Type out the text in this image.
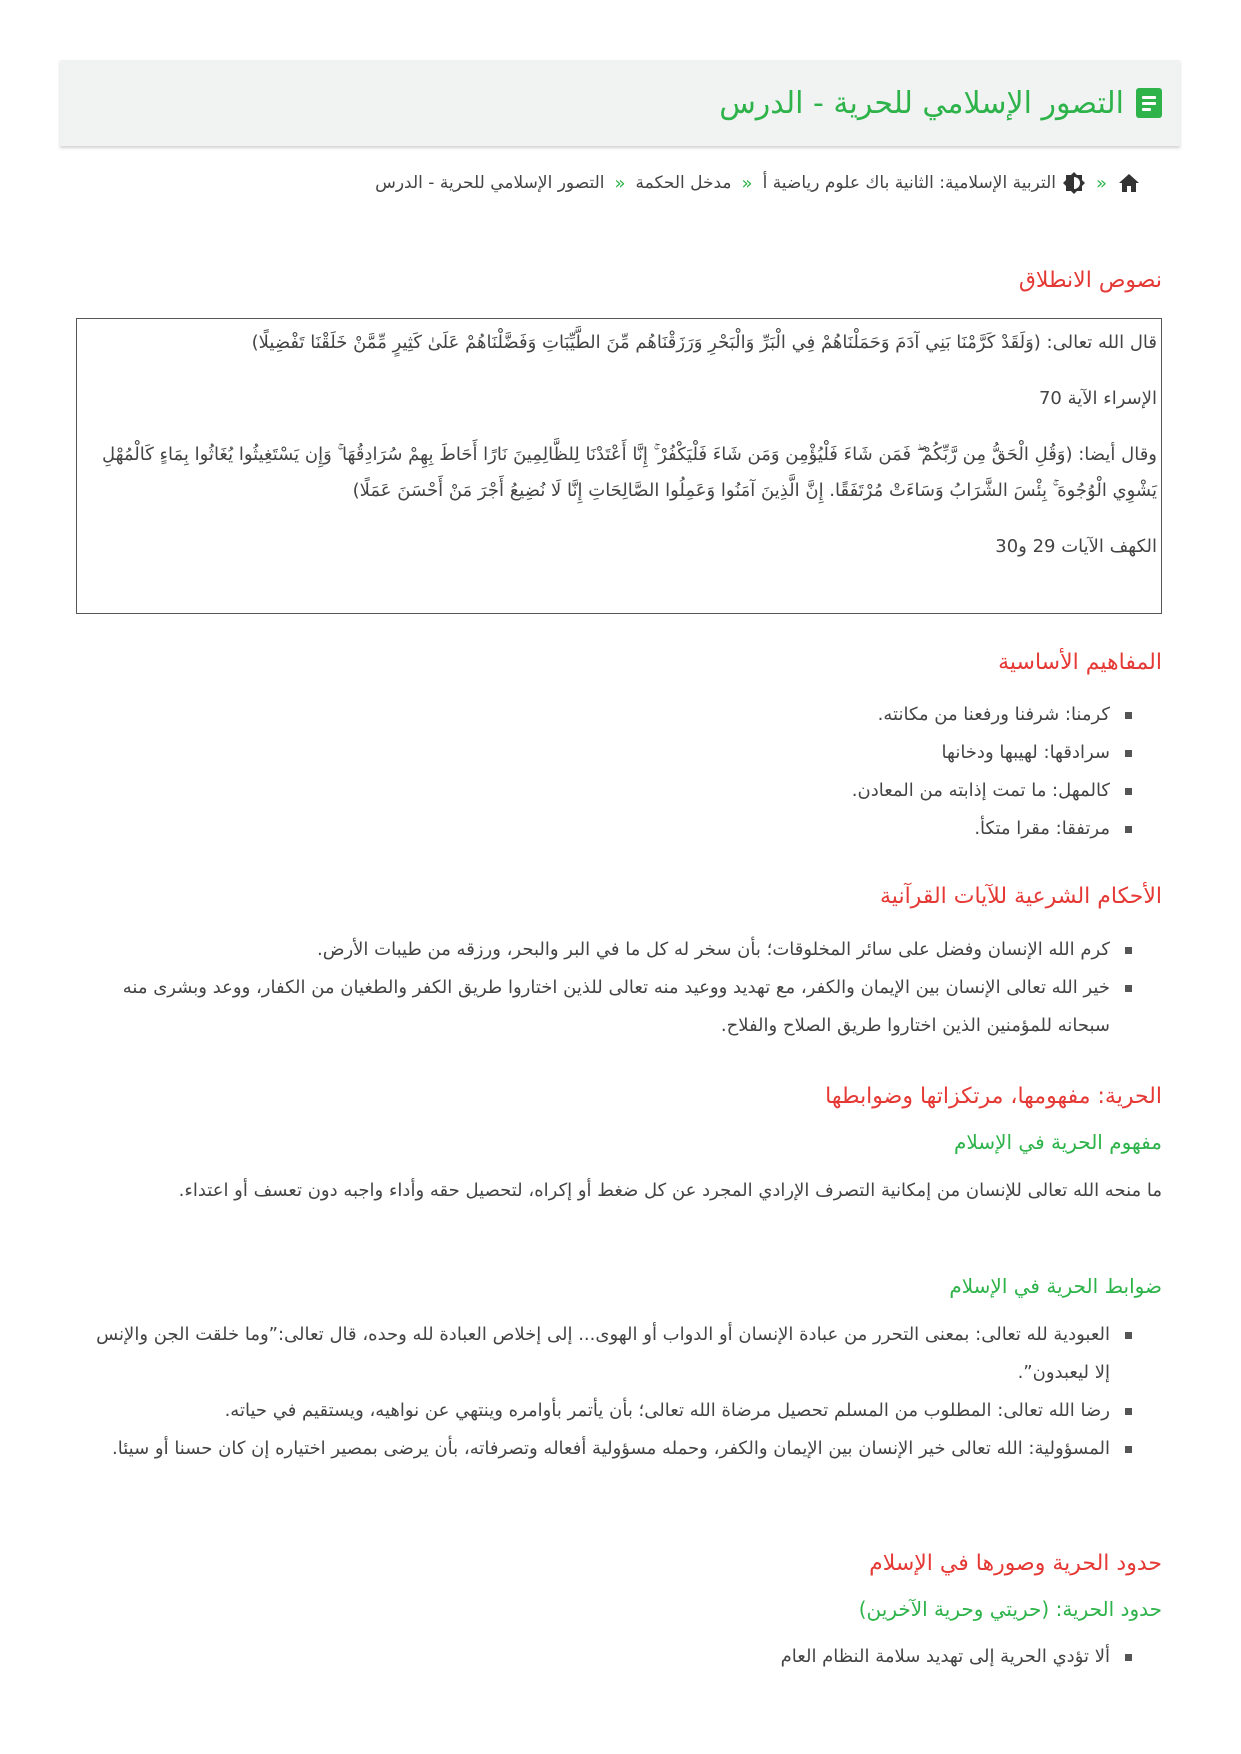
التصور الإسلامي للحرية - الدرس
»
التربية الإسلامية: الثانية باك علوم رياضية أ
»
مدخل الحكمة
»
التصور الإسلامي للحرية - الدرس
نصوص الانطلاق

قال الله تعالى: (وَلَقَدْ كَرَّمْنَا بَنِي آدَمَ وَحَمَلْنَاهُمْ فِي الْبَرِّ وَالْبَحْرِ وَرَزَقْنَاهُم مِّنَ الطَّيِّبَاتِ وَفَضَّلْنَاهُمْ عَلَىٰ كَثِيرٍ مِّمَّنْ خَلَقْنَا تَفْضِيلًا)

الإسراء الآية 70

وقال أيضا: (وَقُلِ الْحَقُّ مِن رَّبِّكُمْ ۖ فَمَن شَاءَ فَلْيُؤْمِن وَمَن شَاءَ فَلْيَكْفُرْ ۚ إِنَّا أَعْتَدْنَا لِلظَّالِمِينَ نَارًا أَحَاطَ بِهِمْ سُرَادِقُهَا ۚ وَإِن يَسْتَغِيثُوا يُغَاثُوا بِمَاءٍ كَالْمُهْلِ يَشْوِي الْوُجُوهَ ۚ بِئْسَ الشَّرَابُ وَسَاءَتْ مُرْتَفَقًا. إِنَّ الَّذِينَ آمَنُوا وَعَمِلُوا الصَّالِحَاتِ إِنَّا لَا نُضِيعُ أَجْرَ مَنْ أَحْسَنَ عَمَلًا)

الكهف الآيات 29 و30

المفاهيم الأساسية
كرمنا: شرفنا ورفعنا من مكانته.
سرادقها: لهيبها ودخانها
كالمهل: ما تمت إذابته من المعادن.
مرتفقا: مقرا متكأ.
الأحكام الشرعية للآيات القرآنية
كرم الله الإنسان وفضل على سائر المخلوقات؛ بأن سخر له كل ما في البر والبحر، ورزقه من طيبات الأرض.
خير الله تعالى الإنسان بين الإيمان والكفر، مع تهديد ووعيد منه تعالى للذين اختاروا طريق الكفر والطغيان من الكفار، ووعد وبشرى منه سبحانه للمؤمنين الذين اختاروا طريق الصلاح والفلاح.
الحرية: مفهومها، مرتكزاتها وضوابطها
مفهوم الحرية في الإسلام
ما منحه الله تعالى للإنسان من إمكانية التصرف الإرادي المجرد عن كل ضغط أو إكراه، لتحصيل حقه وأداء واجبه دون تعسف أو اعتداء.
ضوابط الحرية في الإسلام
العبودية لله تعالى: بمعنى التحرر من عبادة الإنسان أو الدواب أو الهوى... إلى إخلاص العبادة لله وحده، قال تعالى:”وما خلقت الجن والإنس إلا ليعبدون”.
رضا الله تعالى: المطلوب من المسلم تحصيل مرضاة الله تعالى؛ بأن يأتمر بأوامره وينتهي عن نواهيه، ويستقيم في حياته.
المسؤولية: الله تعالى خير الإنسان بين الإيمان والكفر، وحمله مسؤولية أفعاله وتصرفاته، بأن يرضى بمصير اختياره إن كان حسنا أو سيئا.
حدود الحرية وصورها في الإسلام
حدود الحرية: (حريتي وحرية الآخرين)
ألا تؤدي الحرية إلى تهديد سلامة النظام العام
